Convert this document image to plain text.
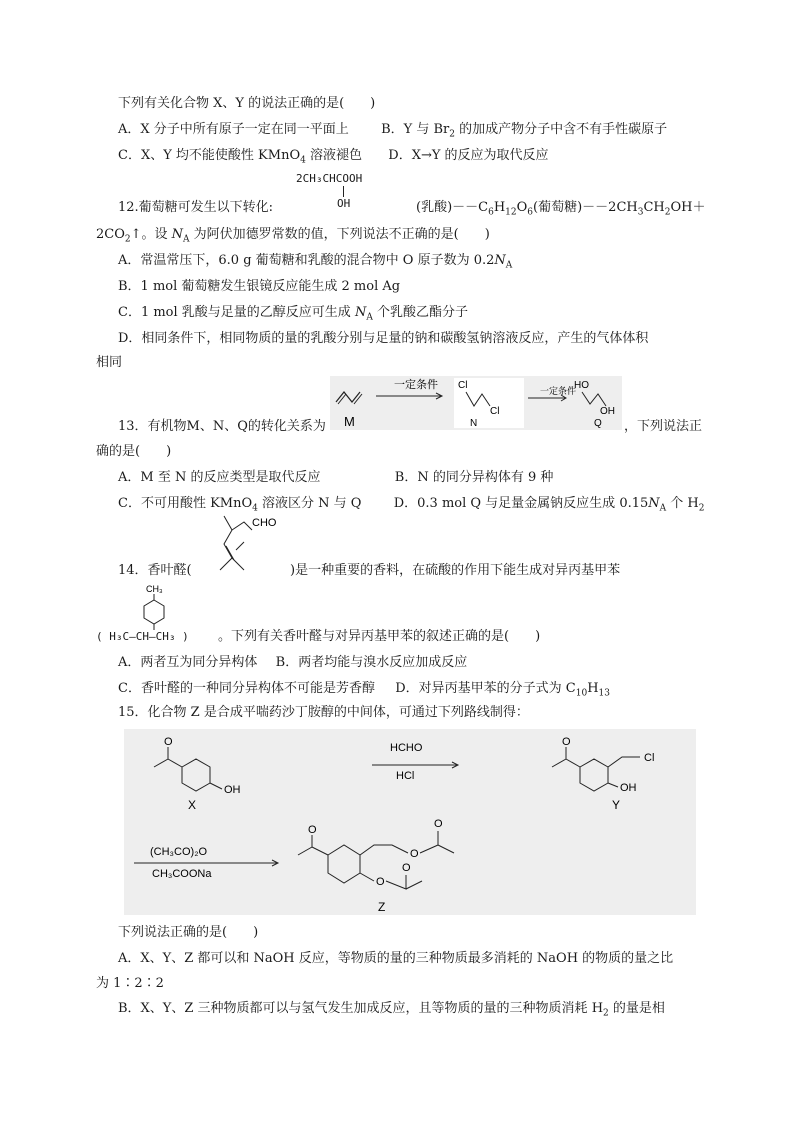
下列有关化合物 X、Y 的说法正确的是(　　)
A．X 分子中所有原子一定在同一平面上 B．Y 与 $Br_2$ 的加成产物分子中含不有手性碳原子
C．X、Y 均不能使酸性 KMnO$_4$ 溶液褪色 D．X→Y 的反应为取代反应
2CH₃CHCOOH
OH
12.葡萄糖可发生以下转化:	(乳酸)$--C_6H_{12}O_6$(葡萄糖)$--2CH_3CH_2OH+$
$2CO_2↑$。设 $N_A$ 为阿伏加德罗常数的值，下列说法不正确的是(　　)
A．常温常压下，6.0 g 葡萄糖和乳酸的混合物中 O 原子数为 $0.2N_A$
B．1 mol 葡萄糖发生银镜反应能生成 2 mol Ag
C．1 mol 乳酸与足量的乙醇反应可生成 $N_A$ 个乳酸乙酯分子
D．相同条件下，相同物质的量的乳酸分别与足量的钠和碳酸氢钠溶液反应，产生的气体体积
相同
M
一定条件 Cl
Cl
N
一定条件
HO
OH
Q
13．有机物M、N、Q的转化关系为	，下列说法正
确的是(　　)
A．M 至 N 的反应类型是取代反应	B．N 的同分异构体有 9 种
C．不可用酸性 KMnO$_4$ 溶液区分 N 与 Q D．0.3 mol Q 与足量金属钠反应生成 $0.15N_A$ 个 $H_2$
CHO
14．香叶醛(	)是一种重要的香料，在硫酸的作用下能生成对异丙基甲苯
CH₃
( H₃C—CH—CH₃ ) 。下列有关香叶醛与对异丙基甲苯的叙述正确的是(　　)
A．两者互为同分异构体 B．两者均能与溴水反应加成反应
C．香叶醛的一种同分异构体不可能是芳香醇 D．对异丙基甲苯的分子式为 $C_{10}H_{13}$
15．化合物 Z 是合成平喘药沙丁胺醇的中间体，可通过下列路线制得：
O
OH
X
HCHO
HCl
O
Cl
OH
Y
(CH₃CO)₂O
CH₃COONa
O
O
O
O
O
Z
下列说法正确的是(　　)
A．X、Y、Z 都可以和 NaOH 反应，等物质的量的三种物质最多消耗的 NaOH 的物质的量之比
为 1∶2∶2
B．X、Y、Z 三种物质都可以与氢气发生加成反应，且等物质的量的三种物质消耗 $H_2$ 的量是相
